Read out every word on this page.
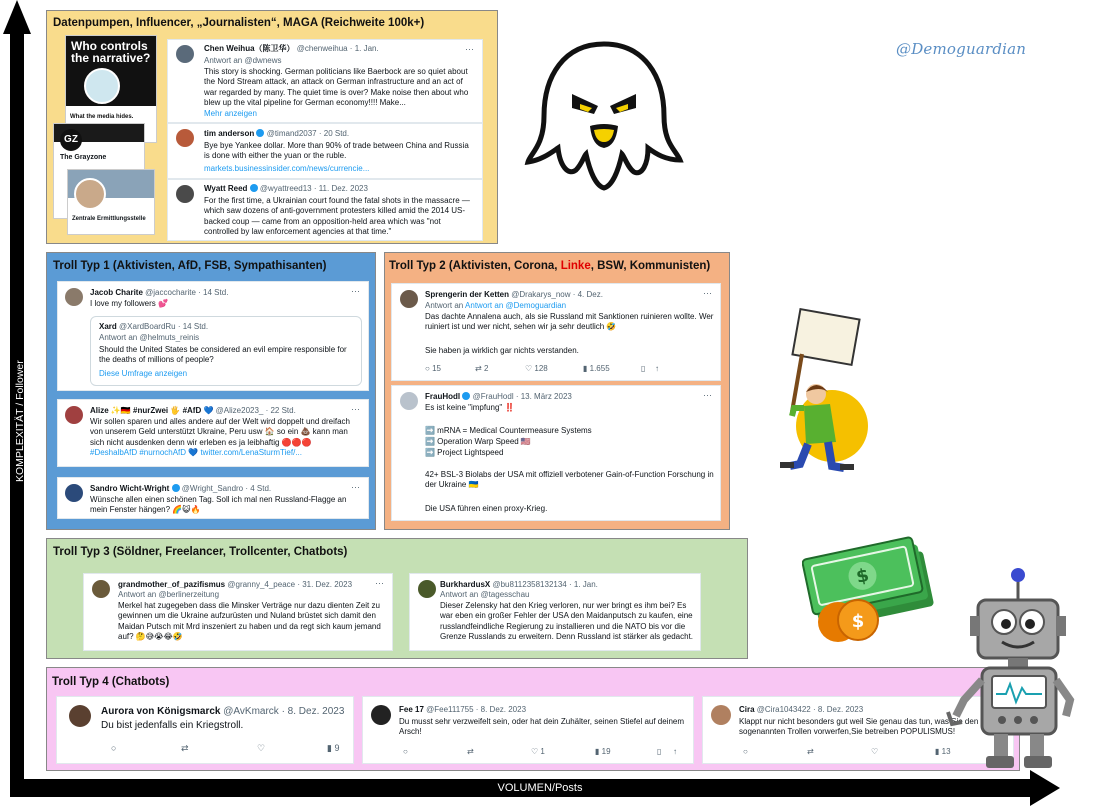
VOLUMEN/Posts
KOMPLEXITÄT / Follower
@Demoguardian
Datenpumpen, Influencer, „Journalisten“, MAGA (Reichweite 100k+)
Who controls the narrative?
What the media hides.
GZ
The Grayzone
Zentrale Ermittlungsstelle
Chen Weihua（陈卫华） @chenweihua · 1. Jan.	···
Antwort an @dwnews
This story is shocking. German politicians like Baerbock are so quiet about the Nord Stream attack, an attack on German infrastructure and an act of war regarded by many. The quiet time is over? Make noise then about who blew up the vital pipeline for German economy!!!! Make...
Mehr anzeigen
tim anderson @timand2037 · 20 Std.
Bye bye Yankee dollar. More than 90% of trade between China and Russia is done with either the yuan or the ruble.
markets.businessinsider.com/news/currencie...
Wyatt Reed @wyattreed13 · 11. Dez. 2023
For the first time, a Ukrainian court found the fatal shots in the massacre — which saw dozens of anti-government protesters killed amid the 2014 US-backed coup — came from an opposition-held area which was "not controlled by law enforcement agencies at that time."
Troll Typ 1 (Aktivisten, AfD, FSB, Sympathisanten)
Jacob Charite @jaccocharite · 14 Std.	···
I love my followers 💕
Xard @XardBoardRu · 14 Std.
Antwort an @helmuts_reinis
Should the United States be considered an evil empire responsible for the deaths of millions of people?
Diese Umfrage anzeigen
Alize ✨🇩🇪 #nurZwei 🖐 #AfD 💙 @Alize2023_ · 22 Std.	···
Wir sollen sparen und alles andere auf der Welt wird doppelt und dreifach von unserem Geld unterstützt Ukraine, Peru usw 🏠 so ein 💩 kann man sich nicht ausdenken denn wir erleben es ja leibhaftig 🔴🔴🔴
#DeshalbAfD #nurnochAfD 💙 twitter.com/LenaSturmTief/...
Sandro Wicht-Wright @Wright_Sandro · 4 Std.	···
Wünsche allen einen schönen Tag. Soll ich mal nen Russland-Flagge an mein Fenster hängen? 🌈😺🔥
Troll Typ 2 (Aktivisten, Corona, Linke, BSW, Kommunisten)
Sprengerin der Ketten @Drakarys_now · 4. Dez.	···
Antwort an Antwort an @Demoguardian
Das dachte Annalena auch, als sie Russland mit Sanktionen ruinieren wollte. Wer ruiniert ist und wer nicht, sehen wir ja sehr deutlich 🤣
Sie haben ja wirklich gar nichts verstanden.
○ 15	⇄ 2	♡ 128	▮ 1.655	▯	↑
FrauHodl @FrauHodl · 13. März 2023	···
Es ist keine "impfung" ‼️
➡️ mRNA = Medical Countermeasure Systems
➡️ Operation Warp Speed 🇺🇸
➡️ Project Lightspeed
42+ BSL-3 Biolabs der USA mit offiziell verbotener Gain-of-Function Forschung in der Ukraine 🇺🇦
Die USA führen einen proxy-Krieg.
Troll Typ 3 (Söldner, Freelancer, Trollcenter, Chatbots)
grandmother_of_pazifismus @granny_4_peace · 31. Dez. 2023	···
Antwort an @berlinerzeitung
Merkel hat zugegeben dass die Minsker Verträge nur dazu dienten Zeit zu gewinnen um die Ukraine aufzurüsten und Nuland brüstet sich damit den Maidan Putsch mit Mrd inszeniert zu haben und da regt sich kaum jemand auf? 🤔😅😭😂🤣
BurkhardusX @bu8112358132134 · 1. Jan.
Antwort an @tagesschau
Dieser Zelensky hat den Krieg verloren, nur wer bringt es ihm bei? Es war eben ein großer Fehler der USA den Maidanputsch zu kaufen, eine russlandfeindliche Regierung zu installieren und die NATO bis vor die Grenze Russlands zu erweitern. Denn Russland ist stärker als gedacht.
$
$
Troll Typ 4 (Chatbots)
Aurora von Königsmarck @AvKmarck · 8. Dez. 2023
Du bist jedenfalls ein Kriegstroll.
○	⇄	♡	▮ 9
Fee 17 @Fee111755 · 8. Dez. 2023
Du musst sehr verzweifelt sein, oder hat dein Zuhälter, seinen Stiefel auf deinem Arsch!
○	⇄	♡ 1	▮ 19	▯	↑
Cira @Cira1043422 · 8. Dez. 2023
Klappt nur nicht besonders gut weil Sie genau das tun, was Sie den sogenannten Trollen vorwerfen,Sie betreiben POPULISMUS!
○	⇄	♡	▮ 13
